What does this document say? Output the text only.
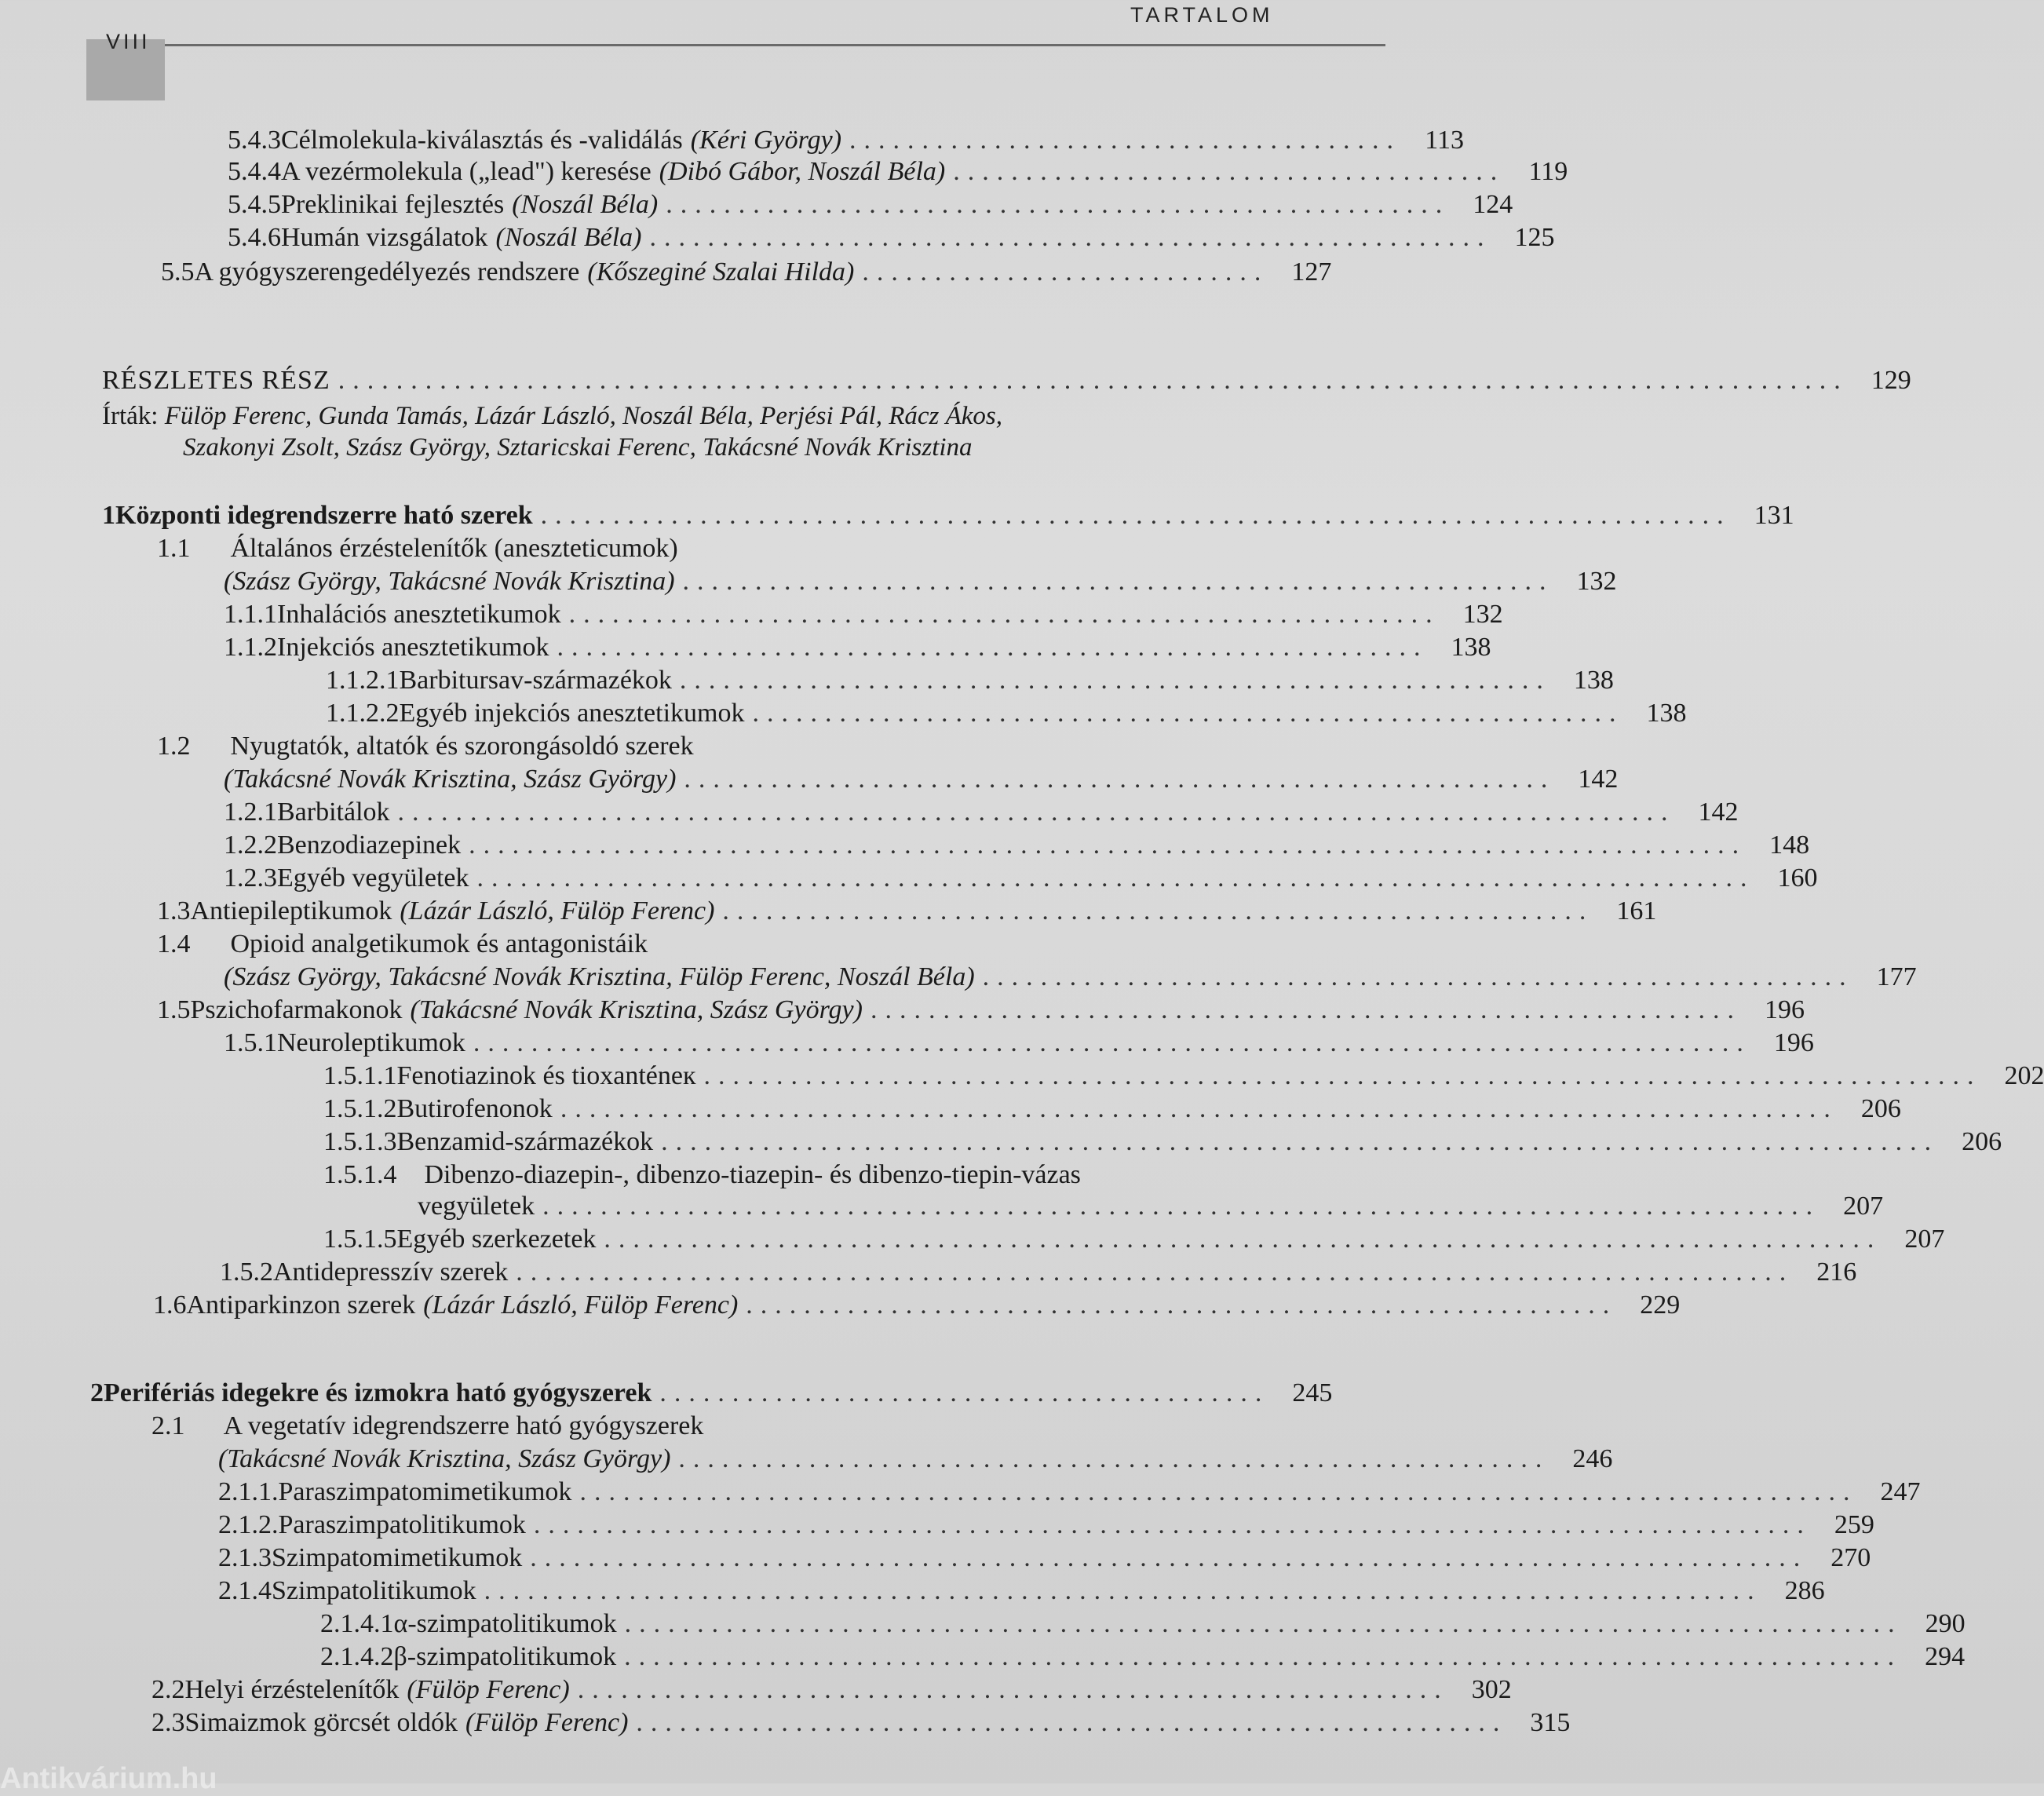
VIII
TARTALOM
5.4.3 Célmolekula-kiválasztás és -validálás (Kéri György) ...................................... 113
5.4.4 A vezérmolekula („lead") keresése (Dibó Gábor, Noszál Béla) ...................................... 119
5.4.5 Preklinikai fejlesztés (Noszál Béla) ...................................................... 124
5.4.6 Humán vizsgálatok (Noszál Béla) .......................................................... 125
5.5 A gyógyszerengedélyezés rendszere (Kőszeginé Szalai Hilda) ............................ 127
RÉSZLETES RÉSZ ........................................................................................................ 129
Írták: Fülöp Ferenc, Gunda Tamás, Lázár László, Noszál Béla, Perjési Pál, Rácz Ákos,
Szakonyi Zsolt, Szász György, Sztaricskai Ferenc, Takácsné Novák Krisztina
1 Központi idegrendszerre ható szerek .................................................................................. 131
1.1 Általános érzéstelenítők (aneszteticumok)
(Szász György, Takácsné Novák Krisztina) ............................................................ 132
1.1.1 Inhalációs anesztetikumok ............................................................ 132
1.1.2 Injekciós anesztetikumok ............................................................ 138
1.1.2.1 Barbitursav-származékok ............................................................ 138
1.1.2.2 Egyéb injekciós anesztetikumok ............................................................ 138
1.2 Nyugtatók, altatók és szorongásoldó szerek
(Takácsné Novák Krisztina, Szász György) ............................................................ 142
1.2.1 Barbitálok ........................................................................................ 142
1.2.2 Benzodiazepinek ........................................................................................ 148
1.2.3 Egyéb vegyületek ........................................................................................ 160
1.3 Antiepileptikumok (Lázár László, Fülöp Ferenc) ............................................................ 161
1.4 Opioid analgetikumok és antagonistáik
(Szász György, Takácsné Novák Krisztina, Fülöp Ferenc, Noszál Béla) ............................................................ 177
1.5 Pszichofarmakonok (Takácsné Novák Krisztina, Szász György) ............................................................ 196
1.5.1 Neuroleptikumok ........................................................................................ 196
1.5.1.1 Fenotiazinok és tioxanténeк ........................................................................................ 202
1.5.1.2 Butirofenonok ........................................................................................ 206
1.5.1.3 Benzamid-származékok ........................................................................................ 206
1.5.1.4 Dibenzo-diazepin-, dibenzo-tiazepin- és dibenzo-tiepin-vázas
vegyületek ........................................................................................ 207
1.5.1.5 Egyéb szerkezetek ........................................................................................ 207
1.5.2 Antidepresszív szerek ........................................................................................ 216
1.6 Antiparkinzon szerek (Lázár László, Fülöp Ferenc) ............................................................ 229
2 Perifériás idegekre és izmokra ható gyógyszerek .......................................... 245
2.1 A vegetatív idegrendszerre ható gyógyszerek
(Takácsné Novák Krisztina, Szász György) ............................................................ 246
2.1.1. Paraszimpatomimetikumok ........................................................................................ 247
2.1.2. Paraszimpatolitikumok ........................................................................................ 259
2.1.3 Szimpatomimetikumok ........................................................................................ 270
2.1.4 Szimpatolitikumok ........................................................................................ 286
2.1.4.1 α-szimpatolitikumok ........................................................................................ 290
2.1.4.2 β-szimpatolitikumok ........................................................................................ 294
2.2 Helyi érzéstelenítők (Fülöp Ferenc) ............................................................ 302
2.3 Simaizmok görcsét oldók (Fülöp Ferenc) ............................................................ 315
Antikvárium.hu
